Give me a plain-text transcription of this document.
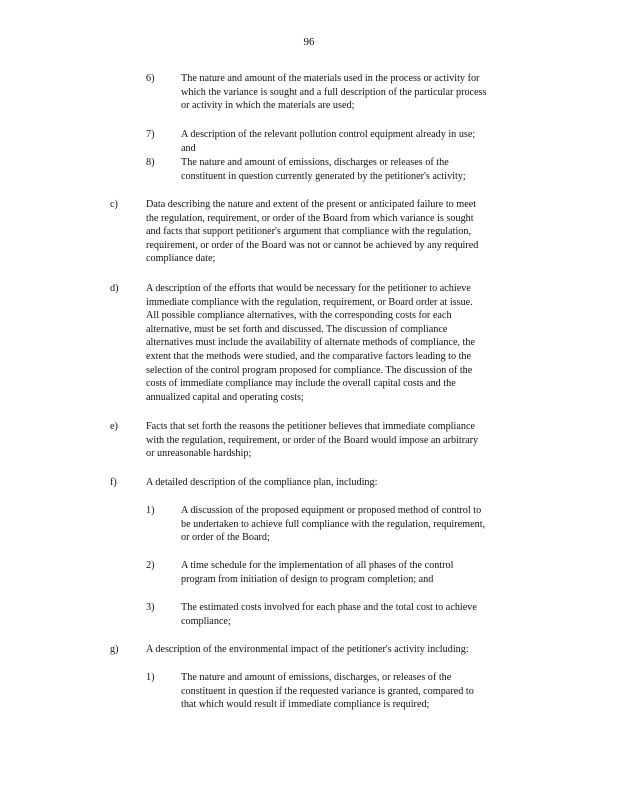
96
6)	The nature and amount of the materials used in the process or activity for
which the variance is sought and a full description of the particular process
or activity in which the materials are used;
7)	A description of the relevant pollution control equipment already in use;
and
8)	The nature and amount of emissions, discharges or releases of the
constituent in question currently generated by the petitioner's activity;
c)	Data describing the nature and extent of the present or anticipated failure to meet
the regulation, requirement, or order of the Board from which variance is sought
and facts that support petitioner's argument that compliance with the regulation,
requirement, or order of the Board was not or cannot be achieved by any required
compliance date;
d)	A description of the efforts that would be necessary for the petitioner to achieve
immediate compliance with the regulation, requirement, or Board order at issue.
All possible compliance alternatives, with the corresponding costs for each
alternative, must be set forth and discussed. The discussion of compliance
alternatives must include the availability of alternate methods of compliance, the
extent that the methods were studied, and the comparative factors leading to the
selection of the control program proposed for compliance. The discussion of the
costs of immediate compliance may include the overall capital costs and the
annualized capital and operating costs;
e)	Facts that set forth the reasons the petitioner believes that immediate compliance
with the regulation, requirement, or order of the Board would impose an arbitrary
or unreasonable hardship;
f)	A detailed description of the compliance plan, including:
1)	A discussion of the proposed equipment or proposed method of control to
be undertaken to achieve full compliance with the regulation, requirement,
or order of the Board;
2)	A time schedule for the implementation of all phases of the control
program from initiation of design to program completion; and
3)	The estimated costs involved for each phase and the total cost to achieve
compliance;
g)	A description of the environmental impact of the petitioner's activity including:
1)	The nature and amount of emissions, discharges, or releases of the
constituent in question if the requested variance is granted, compared to
that which would result if immediate compliance is required;
